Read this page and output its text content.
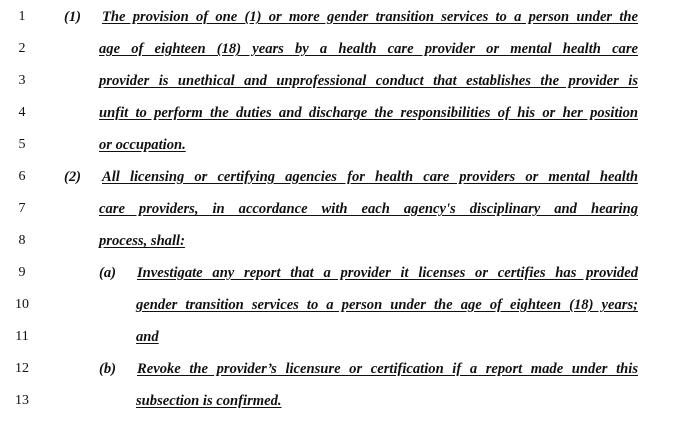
1	(1) The provision of one (1) or more gender transition services to a person under the
2	age of eighteen (18) years by a health care provider or mental health care
3	provider is unethical and unprofessional conduct that establishes the provider is
4	unfit to perform the duties and discharge the responsibilities of his or her position
5	or occupation.
6	(2) All licensing or certifying agencies for health care providers or mental health
7	care providers, in accordance with each agency's disciplinary and hearing
8	process, shall:
9	(a) Investigate any report that a provider it licenses or certifies has provided
10	gender transition services to a person under the age of eighteen (18) years;
11	and
12	(b) Revoke the provider’s licensure or certification if a report made under this
13	subsection is confirmed.
